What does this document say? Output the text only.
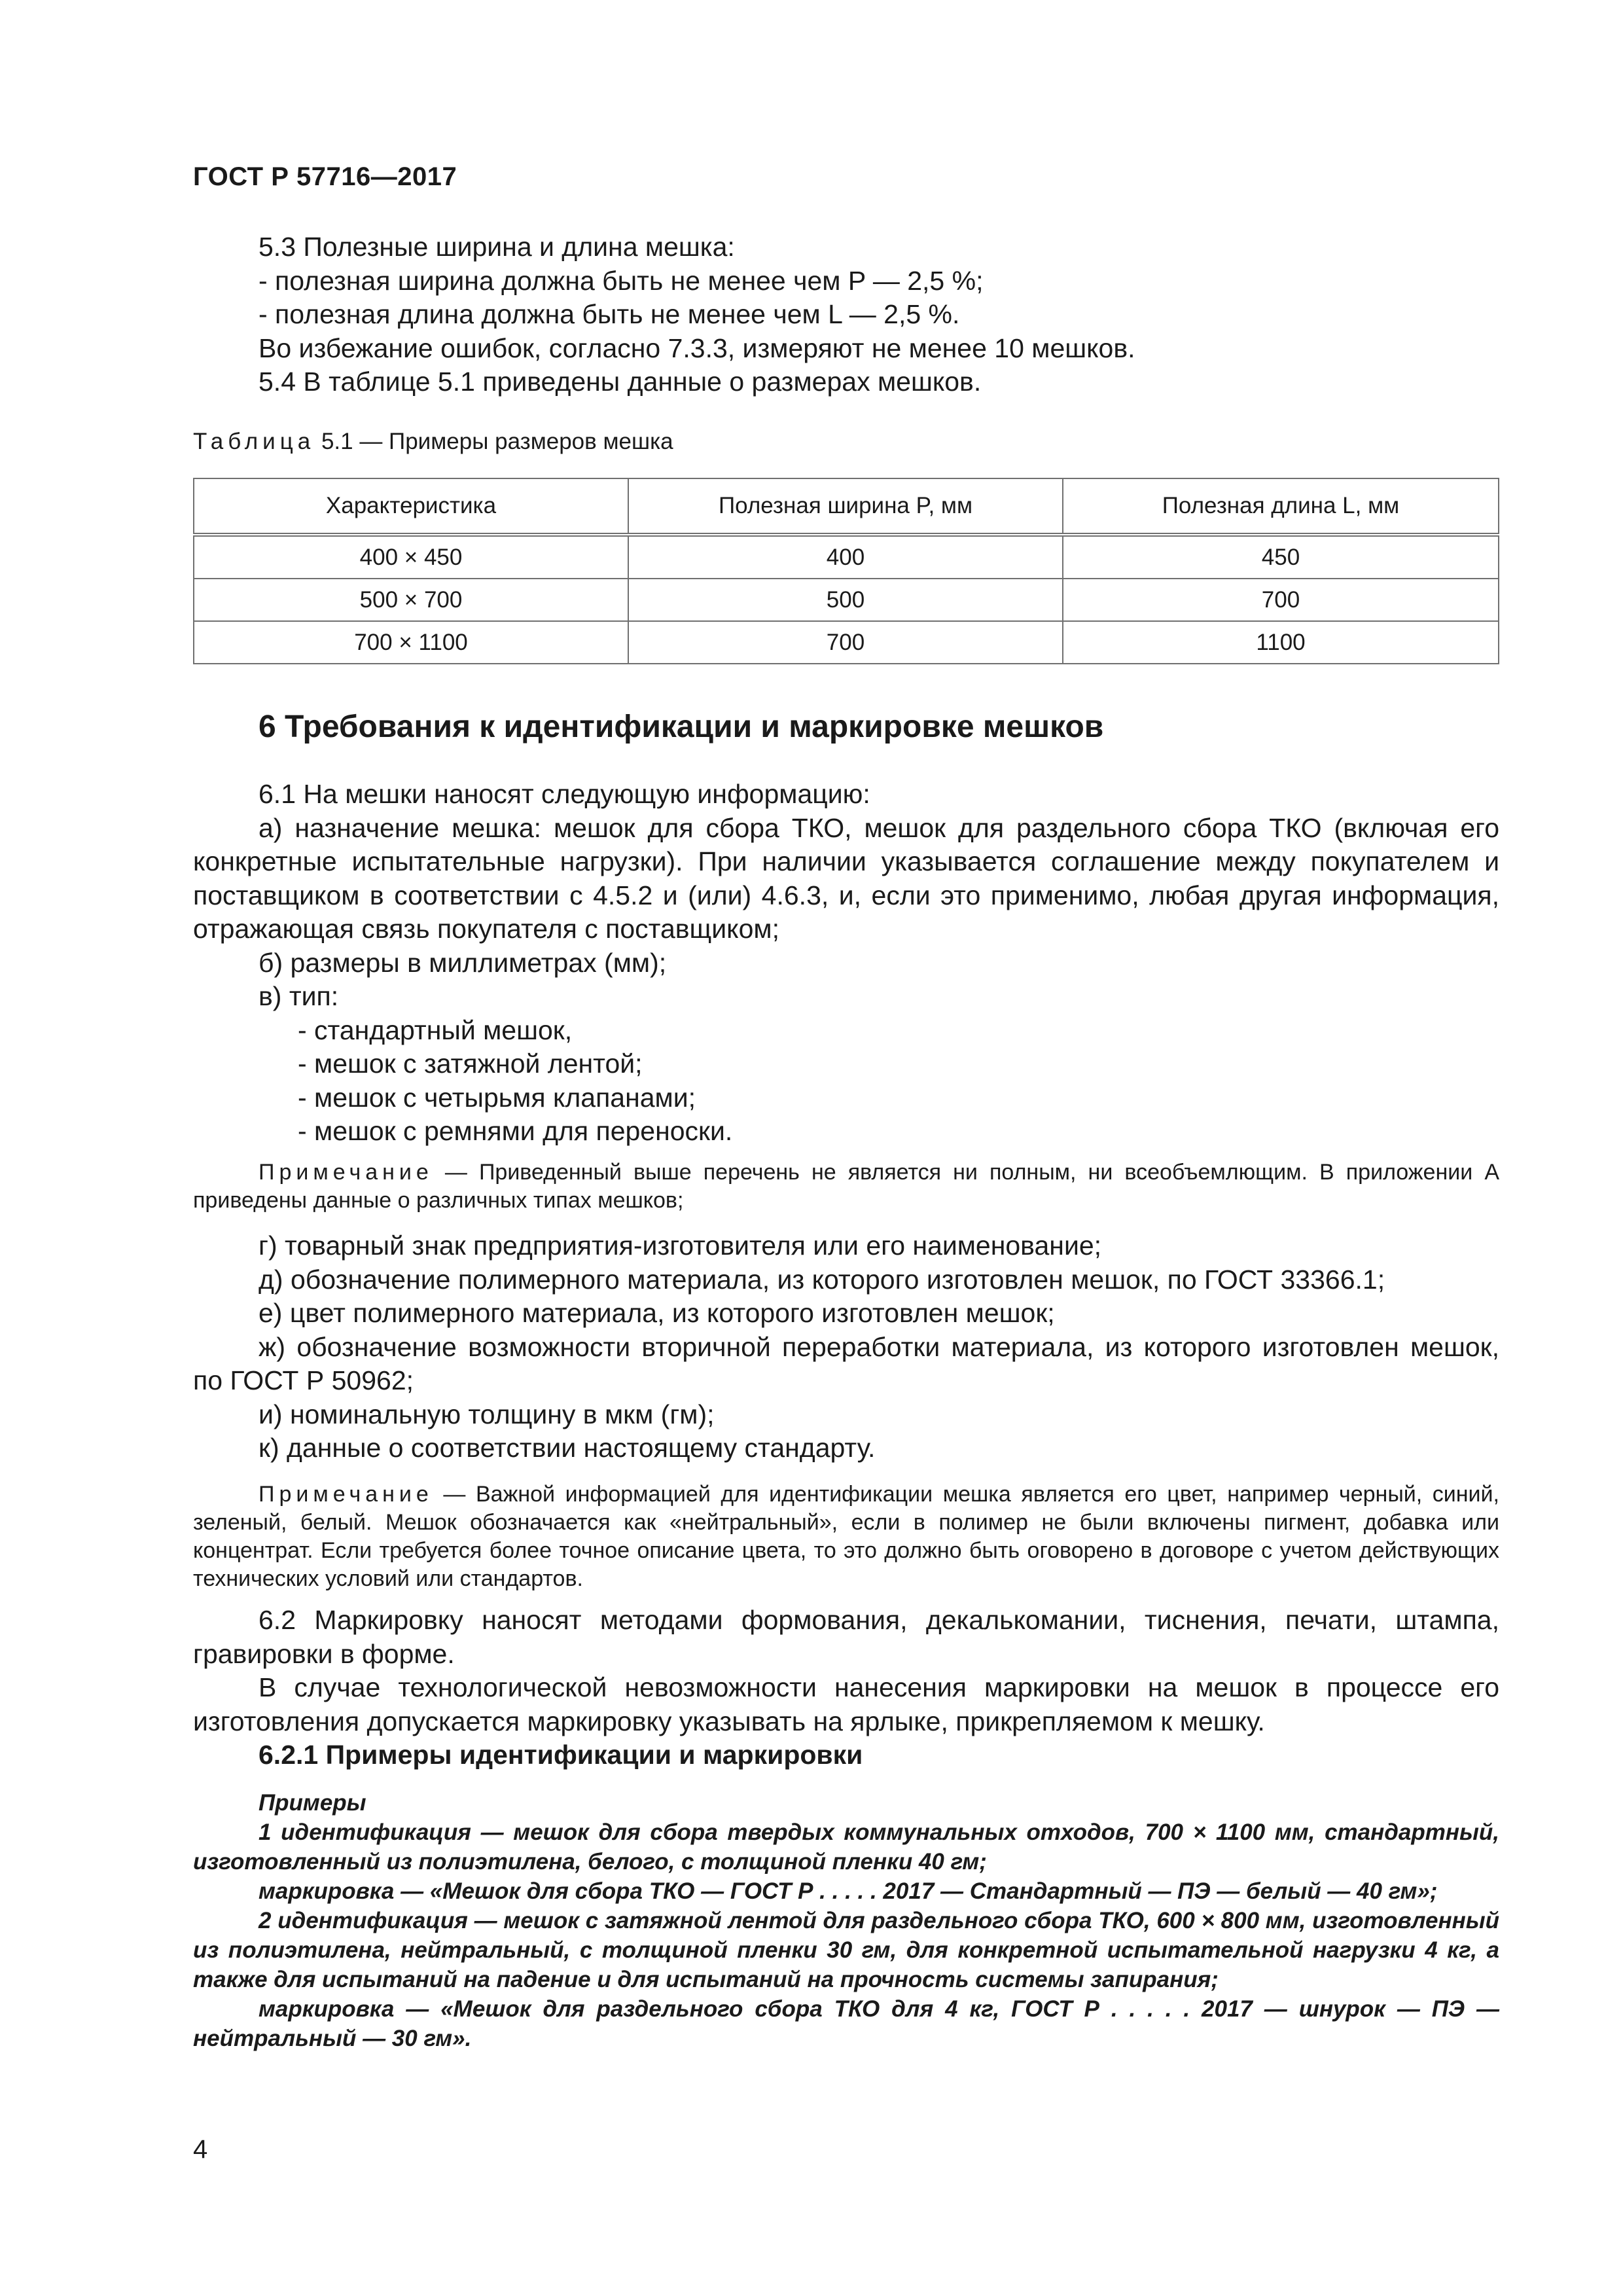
ГОСТ Р 57716—2017

5.3 Полезные ширина и длина мешка:

- полезная ширина должна быть не менее чем P — 2,5 %;

- полезная длина должна быть не менее чем L — 2,5 %.

Во избежание ошибок, согласно 7.3.3, измеряют не менее 10 мешков.

5.4 В таблице 5.1 приведены данные о размерах мешков.

Таблица 5.1 — Примеры размеров мешка
Характеристика	Полезная ширина P, мм	Полезная длина L, мм
400 × 450	400	450
500 × 700	500	700
700 × 1100	700	1100
6 Требования к идентификации и маркировке мешков

6.1 На мешки наносят следующую информацию:

а) назначение мешка: мешок для сбора ТКО, мешок для раздельного сбора ТКО (включая его конкретные испытательные нагрузки). При наличии указывается соглашение между покупателем и поставщиком в соответствии с 4.5.2 и (или) 4.6.3, и, если это применимо, любая другая информация, отражающая связь покупателя с поставщиком;

б) размеры в миллиметрах (мм);

в) тип:

- стандартный мешок,

- мешок с затяжной лентой;

- мешок с четырьмя клапанами;

- мешок с ремнями для переноски.

Примечание — Приведенный выше перечень не является ни полным, ни всеобъемлющим. В приложении А приведены данные о различных типах мешков;

г) товарный знак предприятия-изготовителя или его наименование;

д) обозначение полимерного материала, из которого изготовлен мешок, по ГОСТ 33366.1;

е) цвет полимерного материала, из которого изготовлен мешок;

ж) обозначение возможности вторичной переработки материала, из которого изготовлен мешок, по ГОСТ Р 50962;

и) номинальную толщину в мкм (гм);

к) данные о соответствии настоящему стандарту.

Примечание — Важной информацией для идентификации мешка является его цвет, например черный, синий, зеленый, белый. Мешок обозначается как «нейтральный», если в полимер не были включены пигмент, добавка или концентрат. Если требуется более точное описание цвета, то это должно быть оговорено в договоре с учетом действующих технических условий или стандартов.

6.2 Маркировку наносят методами формования, декалькомании, тиснения, печати, штампа, гравировки в форме.

В случае технологической невозможности нанесения маркировки на мешок в процессе его изготовления допускается маркировку указывать на ярлыке, прикрепляемом к мешку.

6.2.1 Примеры идентификации и маркировки

Примеры

1 идентификация — мешок для сбора твердых коммунальных отходов, 700 × 1100 мм, стандартный, изготовленный из полиэтилена, белого, с толщиной пленки 40 гм;

маркировка — «Мешок для сбора ТКО — ГОСТ Р . . . . . 2017 — Стандартный — ПЭ — белый — 40 гм»;

2 идентификация — мешок с затяжной лентой для раздельного сбора ТКО, 600 × 800 мм, изготовленный из полиэтилена, нейтральный, с толщиной пленки 30 гм, для конкретной испытательной нагрузки 4 кг, а также для испытаний на падение и для испытаний на прочность системы запирания;

маркировка — «Мешок для раздельного сбора ТКО для 4 кг, ГОСТ Р . . . . . 2017 — шнурок — ПЭ — нейтральный — 30 гм».

4
